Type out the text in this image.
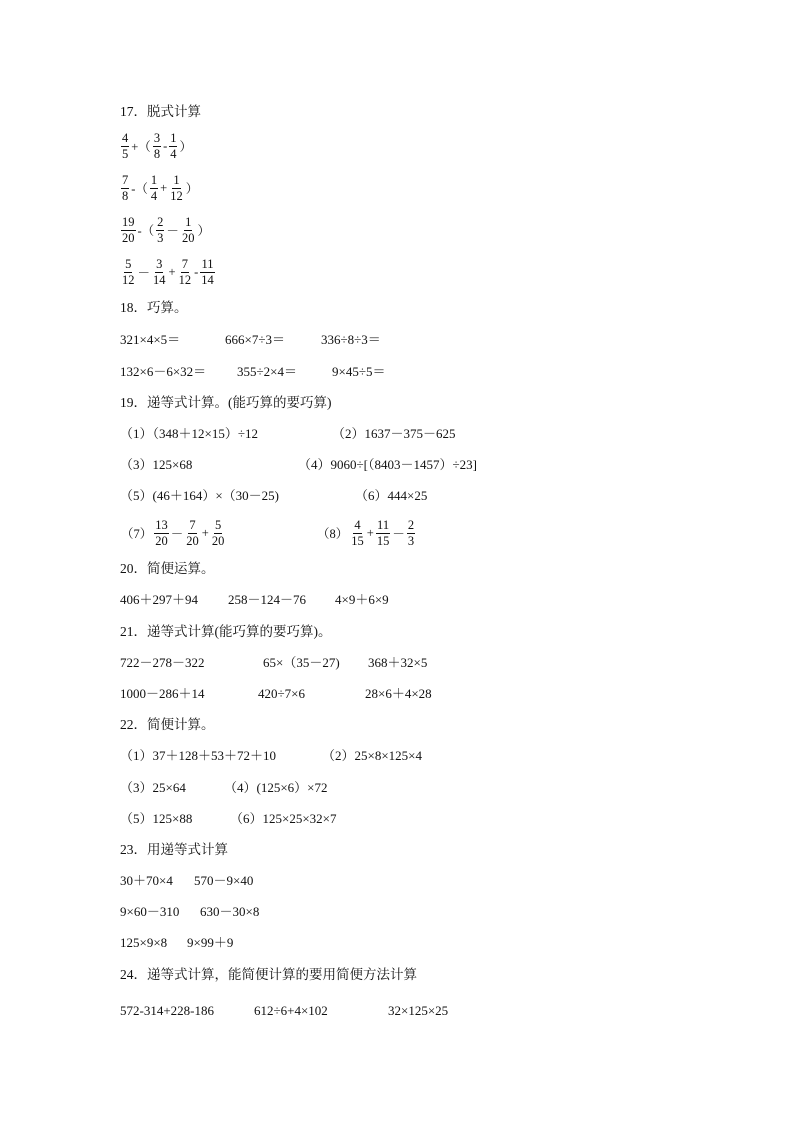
17．脱式计算
$\frac{4}{5}$ +（ $\frac{3}{8} - \frac{1}{4}$ ）
$\frac{7}{8}$ -（ $\frac{1}{4} + \frac{1}{12}$ ）
$\frac{19}{20}$ -（ $\frac{2}{3} - \frac{1}{20}$ ）
$\frac{5}{12} - \frac{3}{14} + \frac{7}{12} - \frac{11}{14}$
18．巧算。
321×4×5＝	666×7÷3＝	336÷8÷3＝
132×6－6×32＝ 355÷2×4＝	9×45÷5＝
19．递等式计算。(能巧算的要巧算)
（1）（348＋12×15）÷12	（2）1637－375－625
（3）125×68	（4）9060÷[（8403－1457）÷23]
（5）(46＋164）×（30－25)	（6）444×25
$(7) \frac{13}{20} - \frac{7}{20} + \frac{5}{20}$	$(8) \frac{4}{15} + \frac{11}{15} - \frac{2}{3}$
20．简便运算。
406＋297＋94 258－124－76 4×9＋6×9
21．递等式计算(能巧算的要巧算)。
722－278－322	65×（35－27) 368＋32×5
1000－286＋14	420÷7×6	28×6＋4×28
22．简便计算。
（1）37＋128＋53＋72＋10	（2）25×8×125×4
（3）25×64	（4）(125×6）×72
（5）125×88	（6）125×25×32×7
23．用递等式计算
30＋70×4 570－9×40
9×60－310 630－30×8
125×9×8 9×99＋9
24．递等式计算，能简便计算的要用简便方法计算
572-314+228-186	612÷6+4×102	32×125×25
